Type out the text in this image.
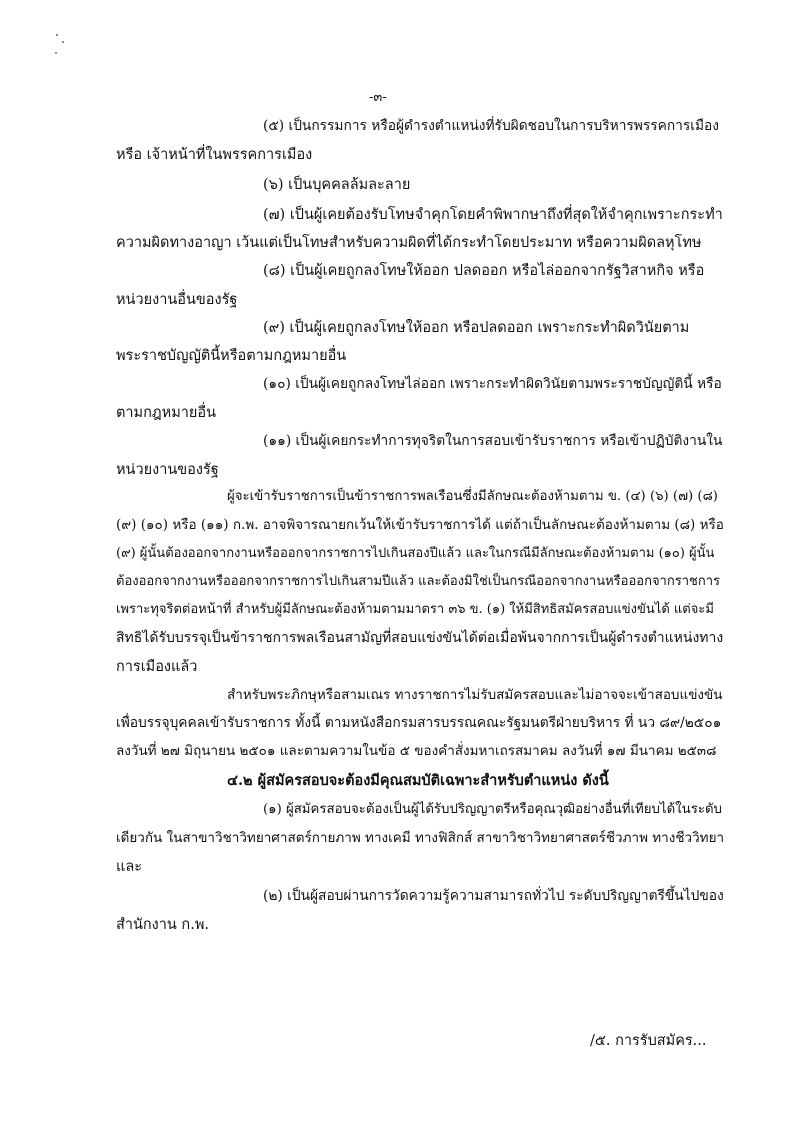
-๓-
(๕) เป็นกรรมการ หรือผู้ดำรงตำแหน่งที่รับผิดชอบในการบริหารพรรคการเมือง
หรือ เจ้าหน้าที่ในพรรคการเมือง
(๖) เป็นบุคคลล้มละลาย
(๗) เป็นผู้เคยต้องรับโทษจำคุกโดยคำพิพากษาถึงที่สุดให้จำคุกเพราะกระทำ
ความผิดทางอาญา เว้นแต่เป็นโทษสำหรับความผิดที่ได้กระทำโดยประมาท หรือความผิดลหุโทษ
(๘) เป็นผู้เคยถูกลงโทษให้ออก ปลดออก หรือไล่ออกจากรัฐวิสาหกิจ หรือ
หน่วยงานอื่นของรัฐ
(๙) เป็นผู้เคยถูกลงโทษให้ออก หรือปลดออก เพราะกระทำผิดวินัยตาม
พระราชบัญญัตินี้หรือตามกฎหมายอื่น
(๑๐) เป็นผู้เคยถูกลงโทษไล่ออก เพราะกระทำผิดวินัยตามพระราชบัญญัตินี้ หรือ
ตามกฎหมายอื่น
(๑๑) เป็นผู้เคยกระทำการทุจริตในการสอบเข้ารับราชการ หรือเข้าปฏิบัติงานใน
หน่วยงานของรัฐ
ผู้จะเข้ารับราชการเป็นข้าราชการพลเรือนซึ่งมีลักษณะต้องห้ามตาม ข. (๔) (๖) (๗) (๘)
(๙) (๑๐) หรือ (๑๑) ก.พ. อาจพิจารณายกเว้นให้เข้ารับราชการได้ แต่ถ้าเป็นลักษณะต้องห้ามตาม (๘) หรือ
(๙) ผู้นั้นต้องออกจากงานหรือออกจากราชการไปเกินสองปีแล้ว และในกรณีมีลักษณะต้องห้ามตาม (๑๐) ผู้นั้น
ต้องออกจากงานหรือออกจากราชการไปเกินสามปีแล้ว และต้องมิใช่เป็นกรณีออกจากงานหรือออกจากราชการ
เพราะทุจริตต่อหน้าที่ สำหรับผู้มีลักษณะต้องห้ามตามมาตรา ๓๖ ข. (๑) ให้มีสิทธิสมัครสอบแข่งขันได้ แต่จะมี
สิทธิได้รับบรรจุเป็นข้าราชการพลเรือนสามัญที่สอบแข่งขันได้ต่อเมื่อพ้นจากการเป็นผู้ดำรงตำแหน่งทาง
การเมืองแล้ว
สำหรับพระภิกษุหรือสามเณร ทางราชการไม่รับสมัครสอบและไม่อาจจะเข้าสอบแข่งขัน
เพื่อบรรจุบุคคลเข้ารับราชการ ทั้งนี้ ตามหนังสือกรมสารบรรณคณะรัฐมนตรีฝ่ายบริหาร ที่ นว ๘๙/๒๕๐๑
ลงวันที่ ๒๗ มิถุนายน ๒๕๐๑ และตามความในข้อ ๕ ของคำสั่งมหาเถรสมาคม ลงวันที่ ๑๗ มีนาคม ๒๕๓๘
๔.๒ ผู้สมัครสอบจะต้องมีคุณสมบัติเฉพาะสำหรับตำแหน่ง ดังนี้
(๑) ผู้สมัครสอบจะต้องเป็นผู้ได้รับปริญญาตรีหรือคุณวุฒิอย่างอื่นที่เทียบได้ในระดับ
เดียวกัน ในสาขาวิชาวิทยาศาสตร์กายภาพ ทางเคมี ทางฟิสิกส์ สาขาวิชาวิทยาศาสตร์ชีวภาพ ทางชีววิทยา
และ
(๒) เป็นผู้สอบผ่านการวัดความรู้ความสามารถทั่วไป ระดับปริญญาตรีขึ้นไปของ
สำนักงาน ก.พ.
/๕. การรับสมัคร...
